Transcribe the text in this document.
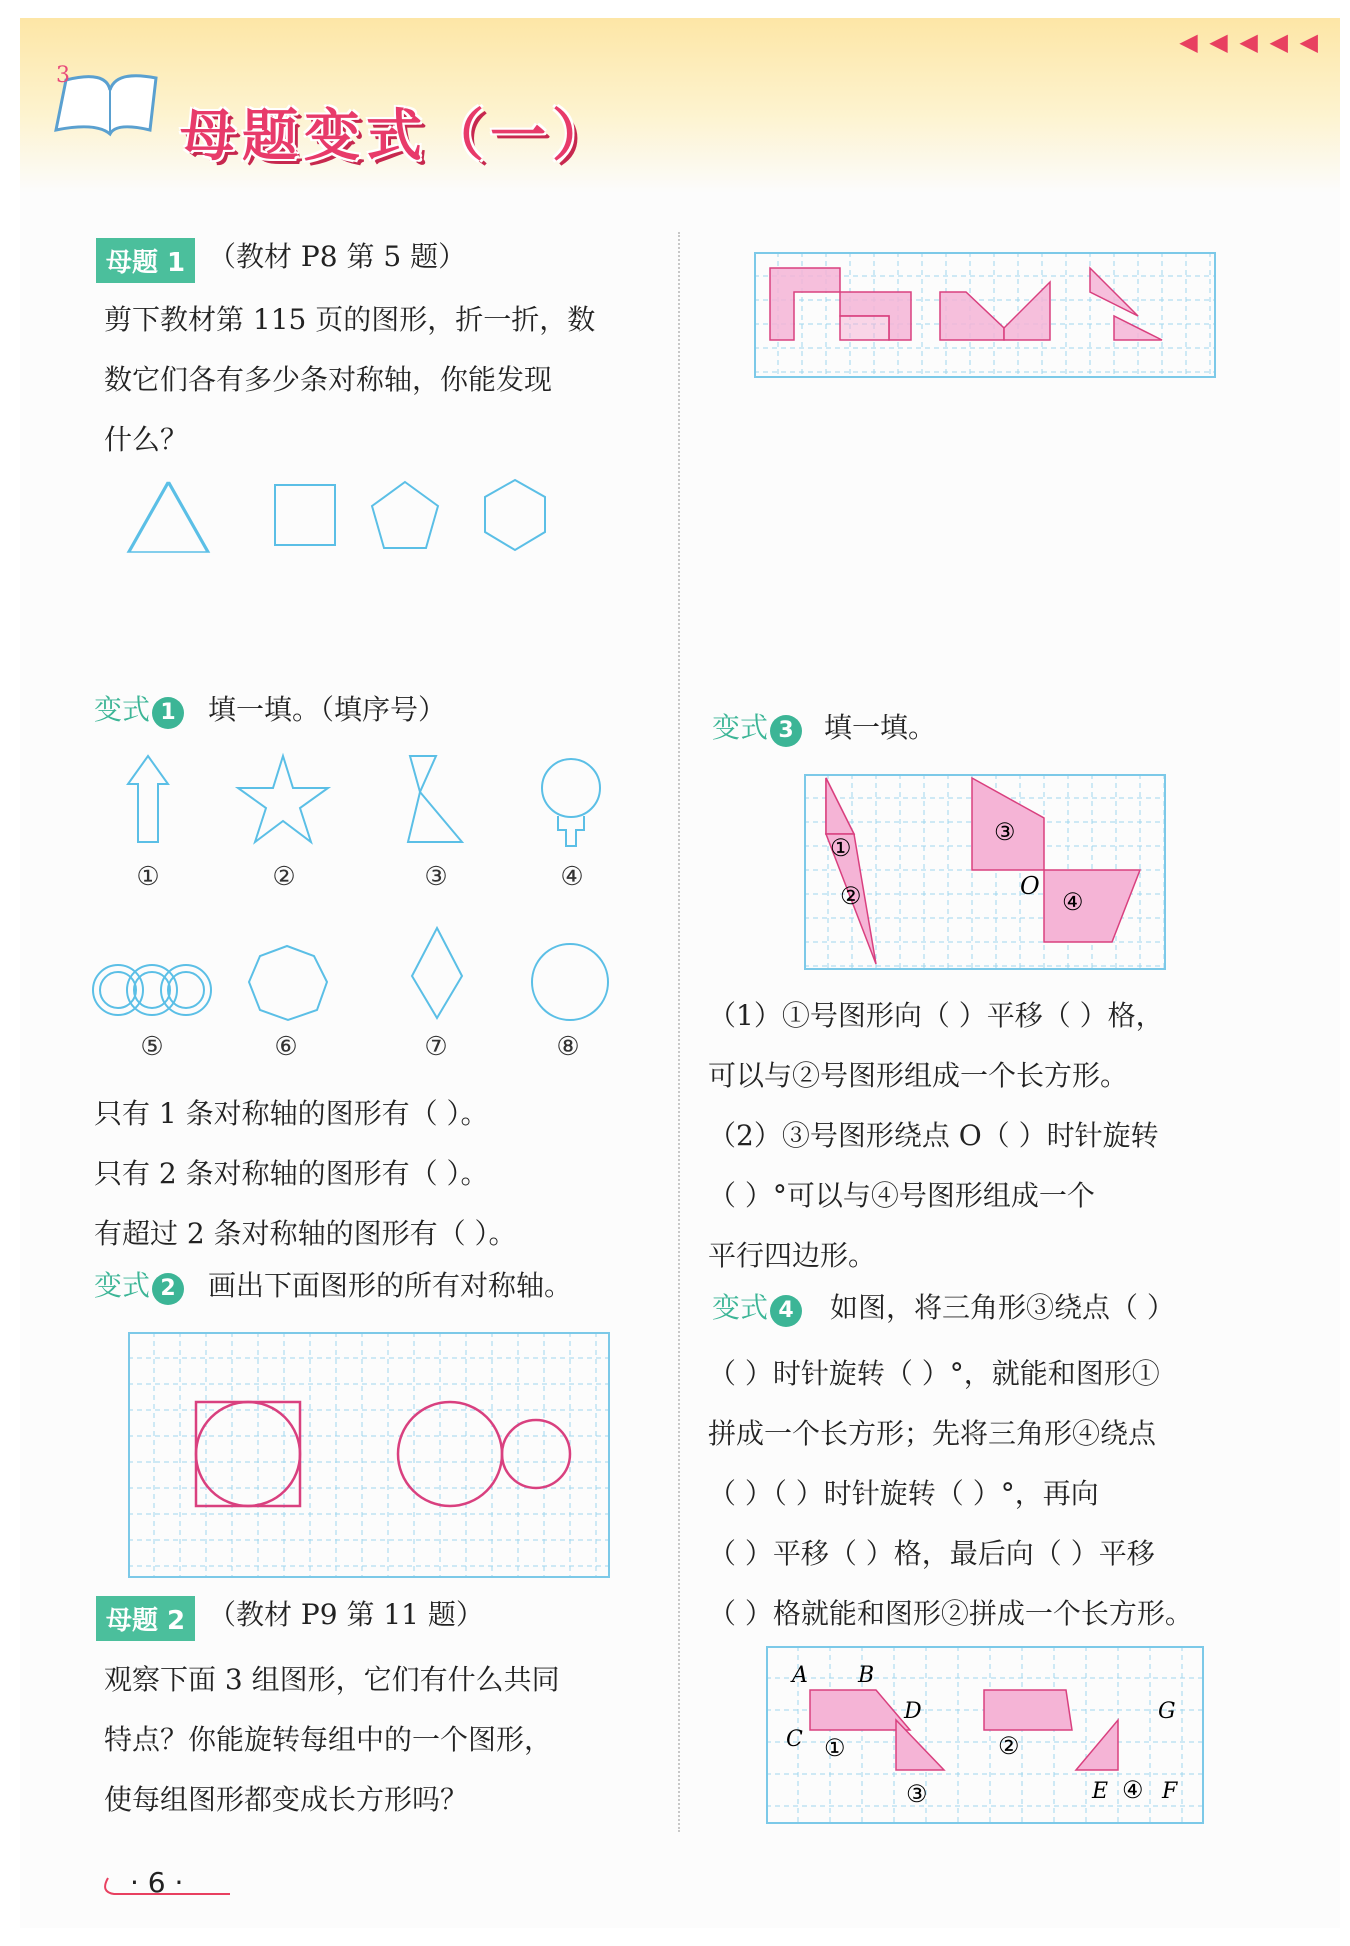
3
母题变式（一）
◀ ◀ ◀ ◀ ◀
母题 1 （教材 P8 第 5 题）
剪下教材第 115 页的图形，折一折，数
数它们各有多少条对称轴，你能发现
什么？
变式 1 填一填。（填序号）
①	②	③	④
⑤	⑥	⑦	⑧
只有 1 条对称轴的图形有（ ）。
只有 2 条对称轴的图形有（ ）。
有超过 2 条对称轴的图形有（ ）。
变式 2 画出下面图形的所有对称轴。
母题 2 （教材 P9 第 11 题）
观察下面 3 组图形，它们有什么共同
特点？你能旋转每组中的一个图形，
使每组图形都变成长方形吗？
变式 3 填一填。
①
②
③
④
O
（1）①号图形向（ ）平移（ ）格，
可以与②号图形组成一个长方形。
（2）③号图形绕点 O（ ）时针旋转
（ ）°可以与④号图形组成一个
平行四边形。
变式 4 如图，将三角形③绕点（ ）
（ ）时针旋转（ ）°，就能和图形①
拼成一个长方形；先将三角形④绕点
（ ）（ ）时针旋转（ ）°，再向
（ ）平移（ ）格，最后向（ ）平移
（ ）格就能和图形②拼成一个长方形。
A B
C
D
①
③
②
G
E ④ F
· 6 ·
